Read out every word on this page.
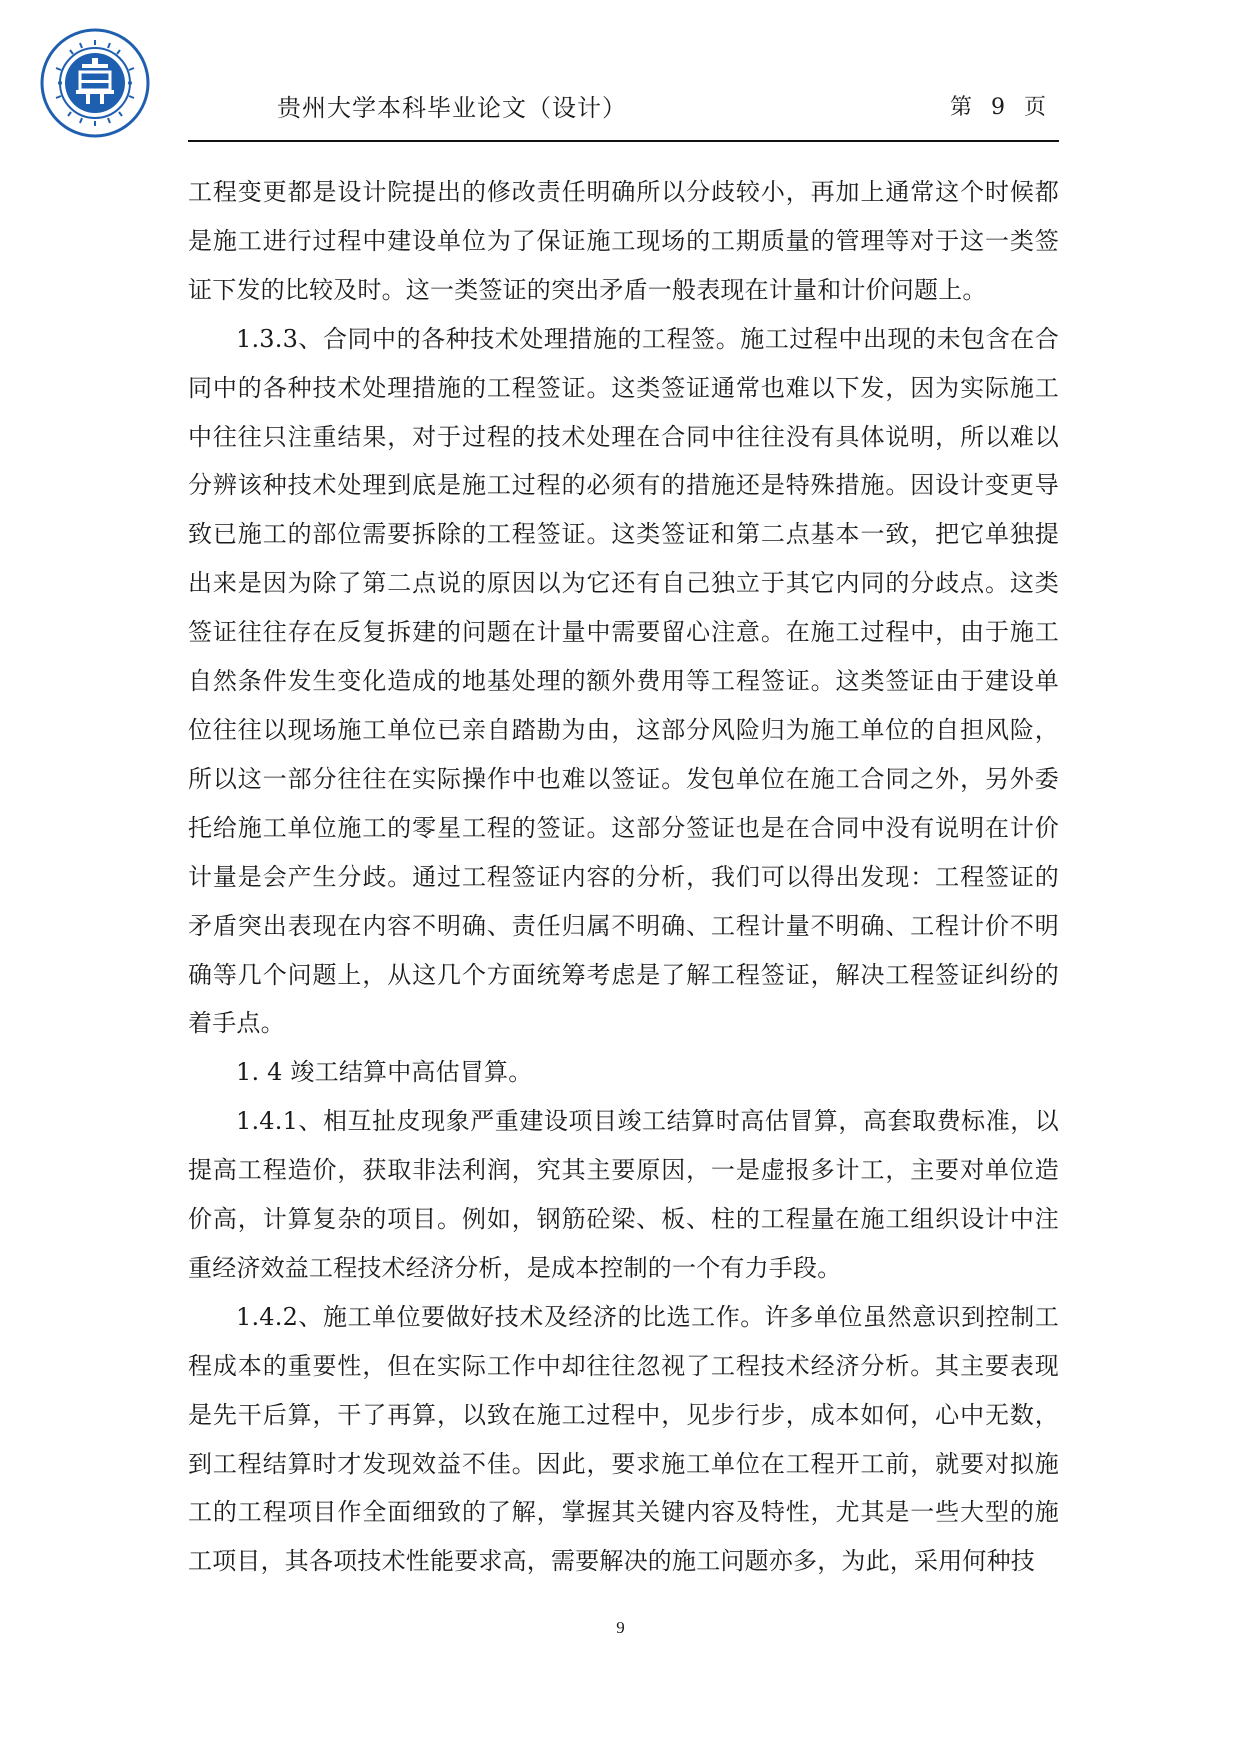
贵州大学本科毕业论文（设计）	第 9 页

工程变更都是设计院提出的修改责任明确所以分歧较小，再加上通常这个时候都是施工进行过程中建设单位为了保证施工现场的工期质量的管理等对于这一类签证下发的比较及时。这一类签证的突出矛盾一般表现在计量和计价问题上。

1.3.3、合同中的各种技术处理措施的工程签。施工过程中出现的未包含在合同中的各种技术处理措施的工程签证。这类签证通常也难以下发，因为实际施工中往往只注重结果，对于过程的技术处理在合同中往往没有具体说明，所以难以分辨该种技术处理到底是施工过程的必须有的措施还是特殊措施。因设计变更导致已施工的部位需要拆除的工程签证。这类签证和第二点基本一致，把它单独提出来是因为除了第二点说的原因以为它还有自己独立于其它内同的分歧点。这类签证往往存在反复拆建的问题在计量中需要留心注意。在施工过程中，由于施工自然条件发生变化造成的地基处理的额外费用等工程签证。这类签证由于建设单位往往以现场施工单位已亲自踏勘为由，这部分风险归为施工单位的自担风险，所以这一部分往往在实际操作中也难以签证。发包单位在施工合同之外，另外委托给施工单位施工的零星工程的签证。这部分签证也是在合同中没有说明在计价计量是会产生分歧。通过工程签证内容的分析，我们可以得出发现：工程签证的矛盾突出表现在内容不明确、责任归属不明确、工程计量不明确、工程计价不明确等几个问题上，从这几个方面统筹考虑是了解工程签证，解决工程签证纠纷的着手点。

1. 4 竣工结算中高估冒算。

1.4.1、相互扯皮现象严重建设项目竣工结算时高估冒算，高套取费标准，以提高工程造价，获取非法利润，究其主要原因，一是虚报多计工，主要对单位造价高，计算复杂的项目。例如，钢筋砼梁、板、柱的工程量在施工组织设计中注重经济效益工程技术经济分析，是成本控制的一个有力手段。

1.4.2、施工单位要做好技术及经济的比选工作。许多单位虽然意识到控制工程成本的重要性，但在实际工作中却往往忽视了工程技术经济分析。其主要表现是先干后算，干了再算，以致在施工过程中，见步行步，成本如何，心中无数，到工程结算时才发现效益不佳。因此，要求施工单位在工程开工前，就要对拟施工的工程项目作全面细致的了解，掌握其关键内容及特性，尤其是一些大型的施工项目，其各项技术性能要求高，需要解决的施工问题亦多，为此，采用何种技

9
